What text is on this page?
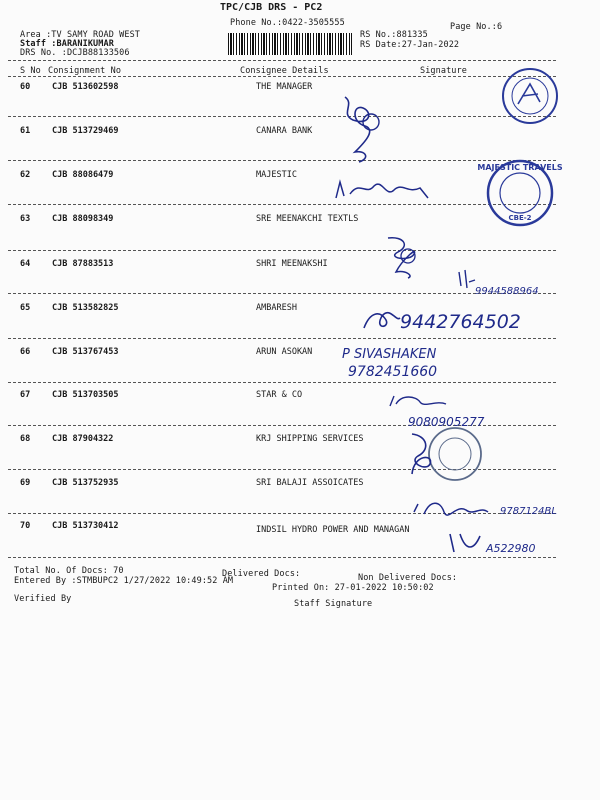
TPC/CJB DRS - PC2
Phone No.:0422-3505555	Page No.:6
Area :TV SAMY ROAD WEST
Staff :BARANIKUMAR
DRS No. :DCJB88133506
RS No.:881335
RS Date:27-Jan-2022
S No Consignment No	Consignee Details	Signature
60	CJB 513602598	THE MANAGER
61	CJB 513729469	CANARA BANK
62	CJB 88086479	MAJESTIC
63	CJB 88098349	SRE MEENAKCHI TEXTLS
64	CJB 87883513	SHRI MEENAKSHI
65	CJB 513582825	AMBARESH
66	CJB 513767453	ARUN ASOKAN
67	CJB 513703505	STAR & CO
68	CJB 87904322	KRJ SHIPPING SERVICES
69	CJB 513752935	SRI BALAJI ASSOICATES
70	CJB 513730412	INDSIL HYDRO POWER AND MANAGAN
MAJESTIC TRAVELS
CBE-2
9944588964
9442764502
P SIVASHAKEN
9782451660
9080905277
9787124BL
A522980
Total No. Of Docs: 70	Delivered Docs:	Non Delivered Docs:
Entered By :STMBUPC2 1/27/2022 10:49:52 AM
Printed On: 27-01-2022 10:50:02
Verified By	Staff Signature
